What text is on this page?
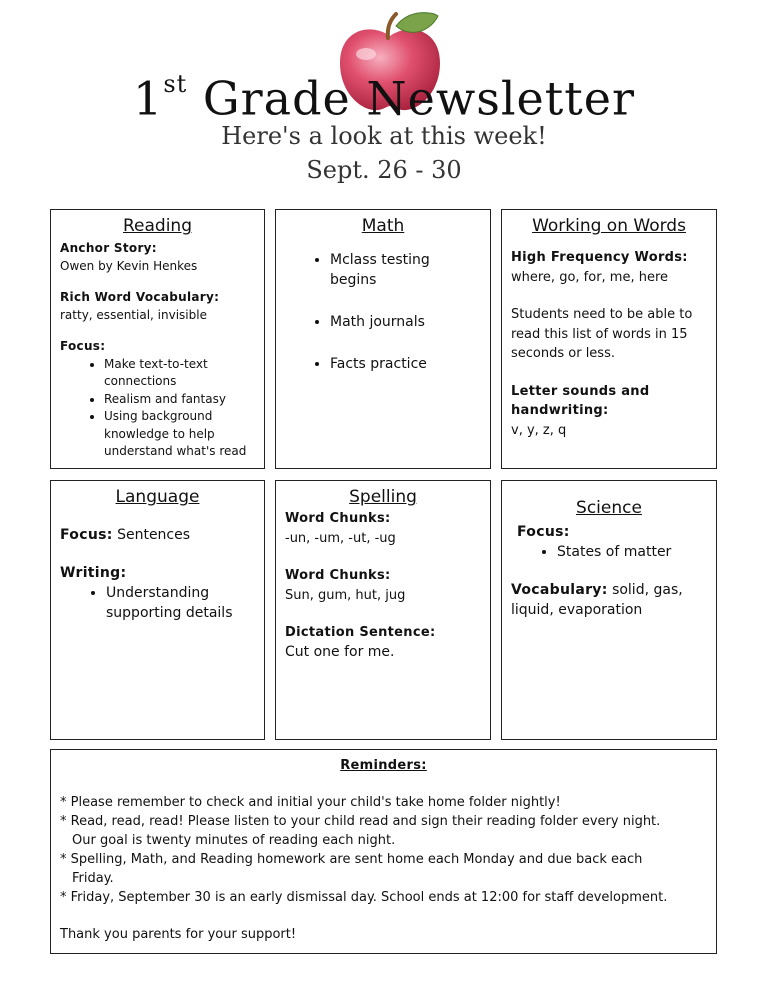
1st Grade Newsletter
Here's a look at this week!
Sept. 26 - 30
Reading
Anchor Story:
Owen by Kevin Henkes
Rich Word Vocabulary:
ratty, essential, invisible
Focus:
• Make text-to-text connections
• Realism and fantasy
• Using background knowledge to help understand what's read
Math
• Mclass testing begins
• Math journals
• Facts practice
Working on Words
High Frequency Words:
where, go, for, me, here
Students need to be able to read this list of words in 15 seconds or less.
Letter sounds and handwriting:
v, y, z, q
Language
Focus: Sentences
Writing:
• Understanding supporting details
Spelling
Word Chunks:
-un, -um, -ut, -ug
Word Chunks:
Sun, gum, hut, jug
Dictation Sentence:
Cut one for me.
Science
Focus:
• States of matter
Vocabulary: solid, gas, liquid, evaporation
Reminders:
* Please remember to check and initial your child's take home folder nightly!
* Read, read, read! Please listen to your child read and sign their reading folder every night. Our goal is twenty minutes of reading each night.
* Spelling, Math, and Reading homework are sent home each Monday and due back each Friday.
* Friday, September 30 is an early dismissal day. School ends at 12:00 for staff development.
Thank you parents for your support!
